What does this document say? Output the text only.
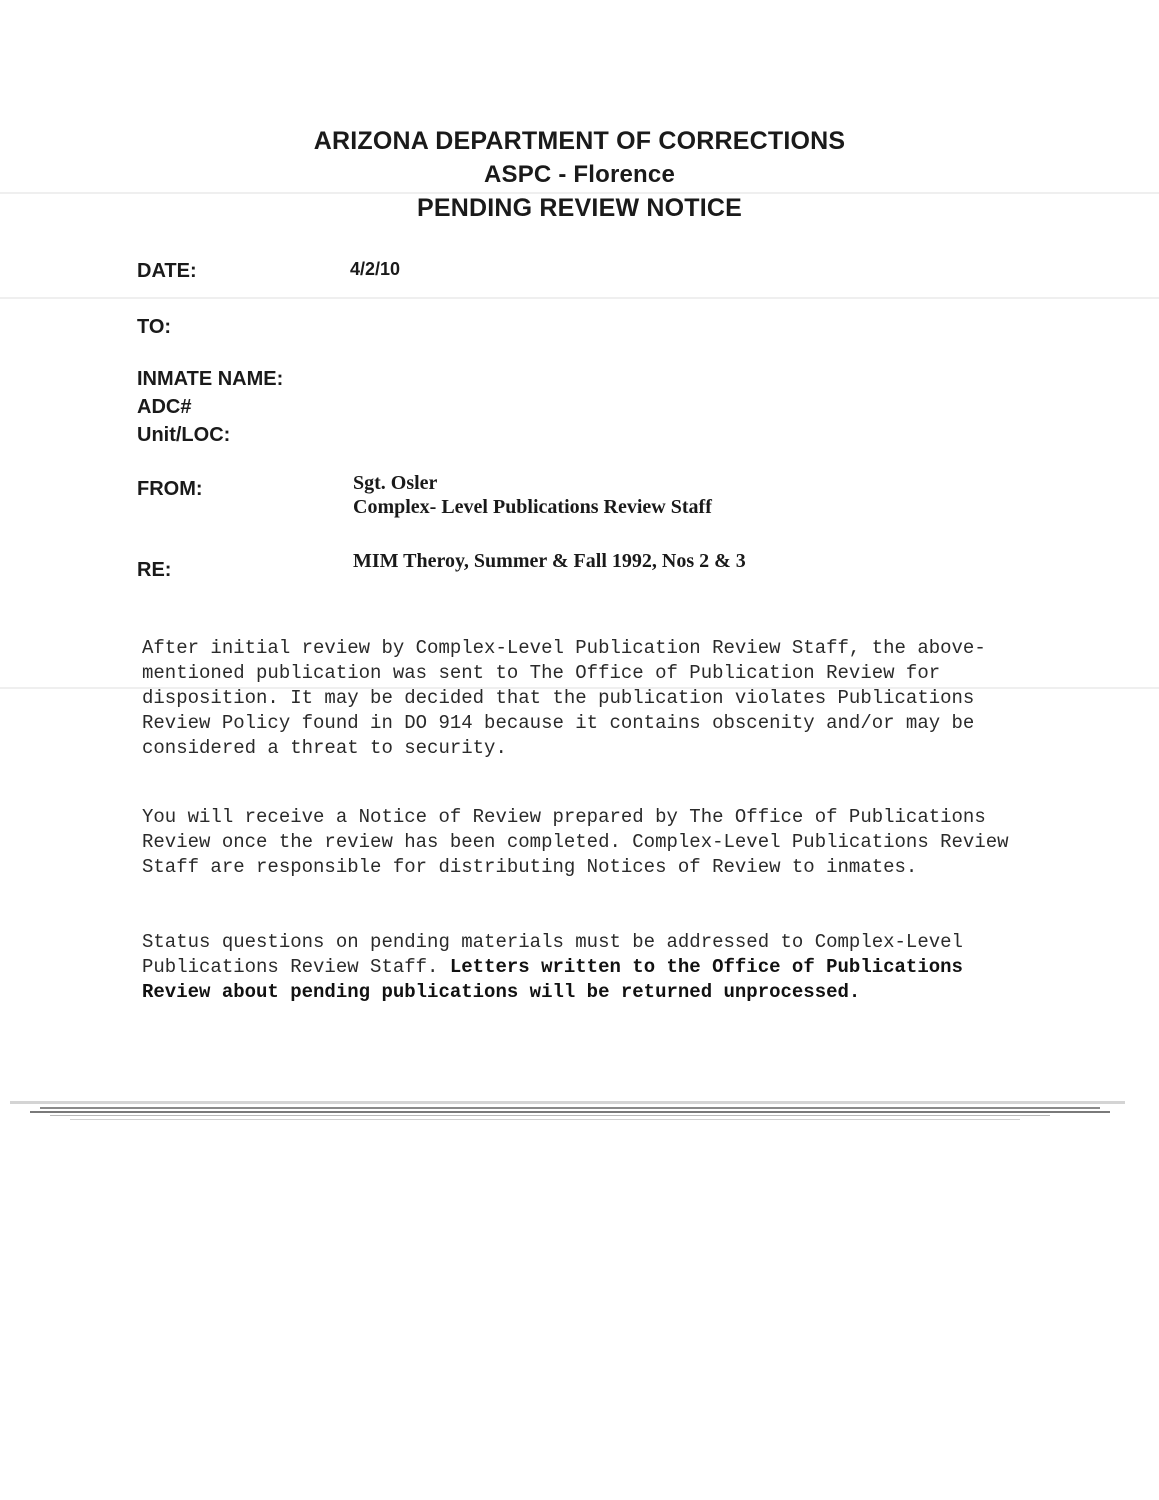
ARIZONA DEPARTMENT OF CORRECTIONS
ASPC - Florence
PENDING REVIEW NOTICE
DATE:	4/2/10
TO:
INMATE NAME:
ADC#
Unit/LOC:
FROM:	Sgt. Osler
Complex- Level Publications Review Staff
RE:	MIM Theroy, Summer & Fall 1992, Nos 2 & 3

After initial review by Complex-Level Publication Review Staff, the above-mentioned publication was sent to The Office of Publication Review for disposition. It may be decided that the publication violates Publications Review Policy found in DO 914 because it contains obscenity and/or may be considered a threat to security.

You will receive a Notice of Review prepared by The Office of Publications Review once the review has been completed. Complex-Level Publications Review Staff are responsible for distributing Notices of Review to inmates.

Status questions on pending materials must be addressed to Complex-Level Publications Review Staff. Letters written to the Office of Publications Review about pending publications will be returned unprocessed.
